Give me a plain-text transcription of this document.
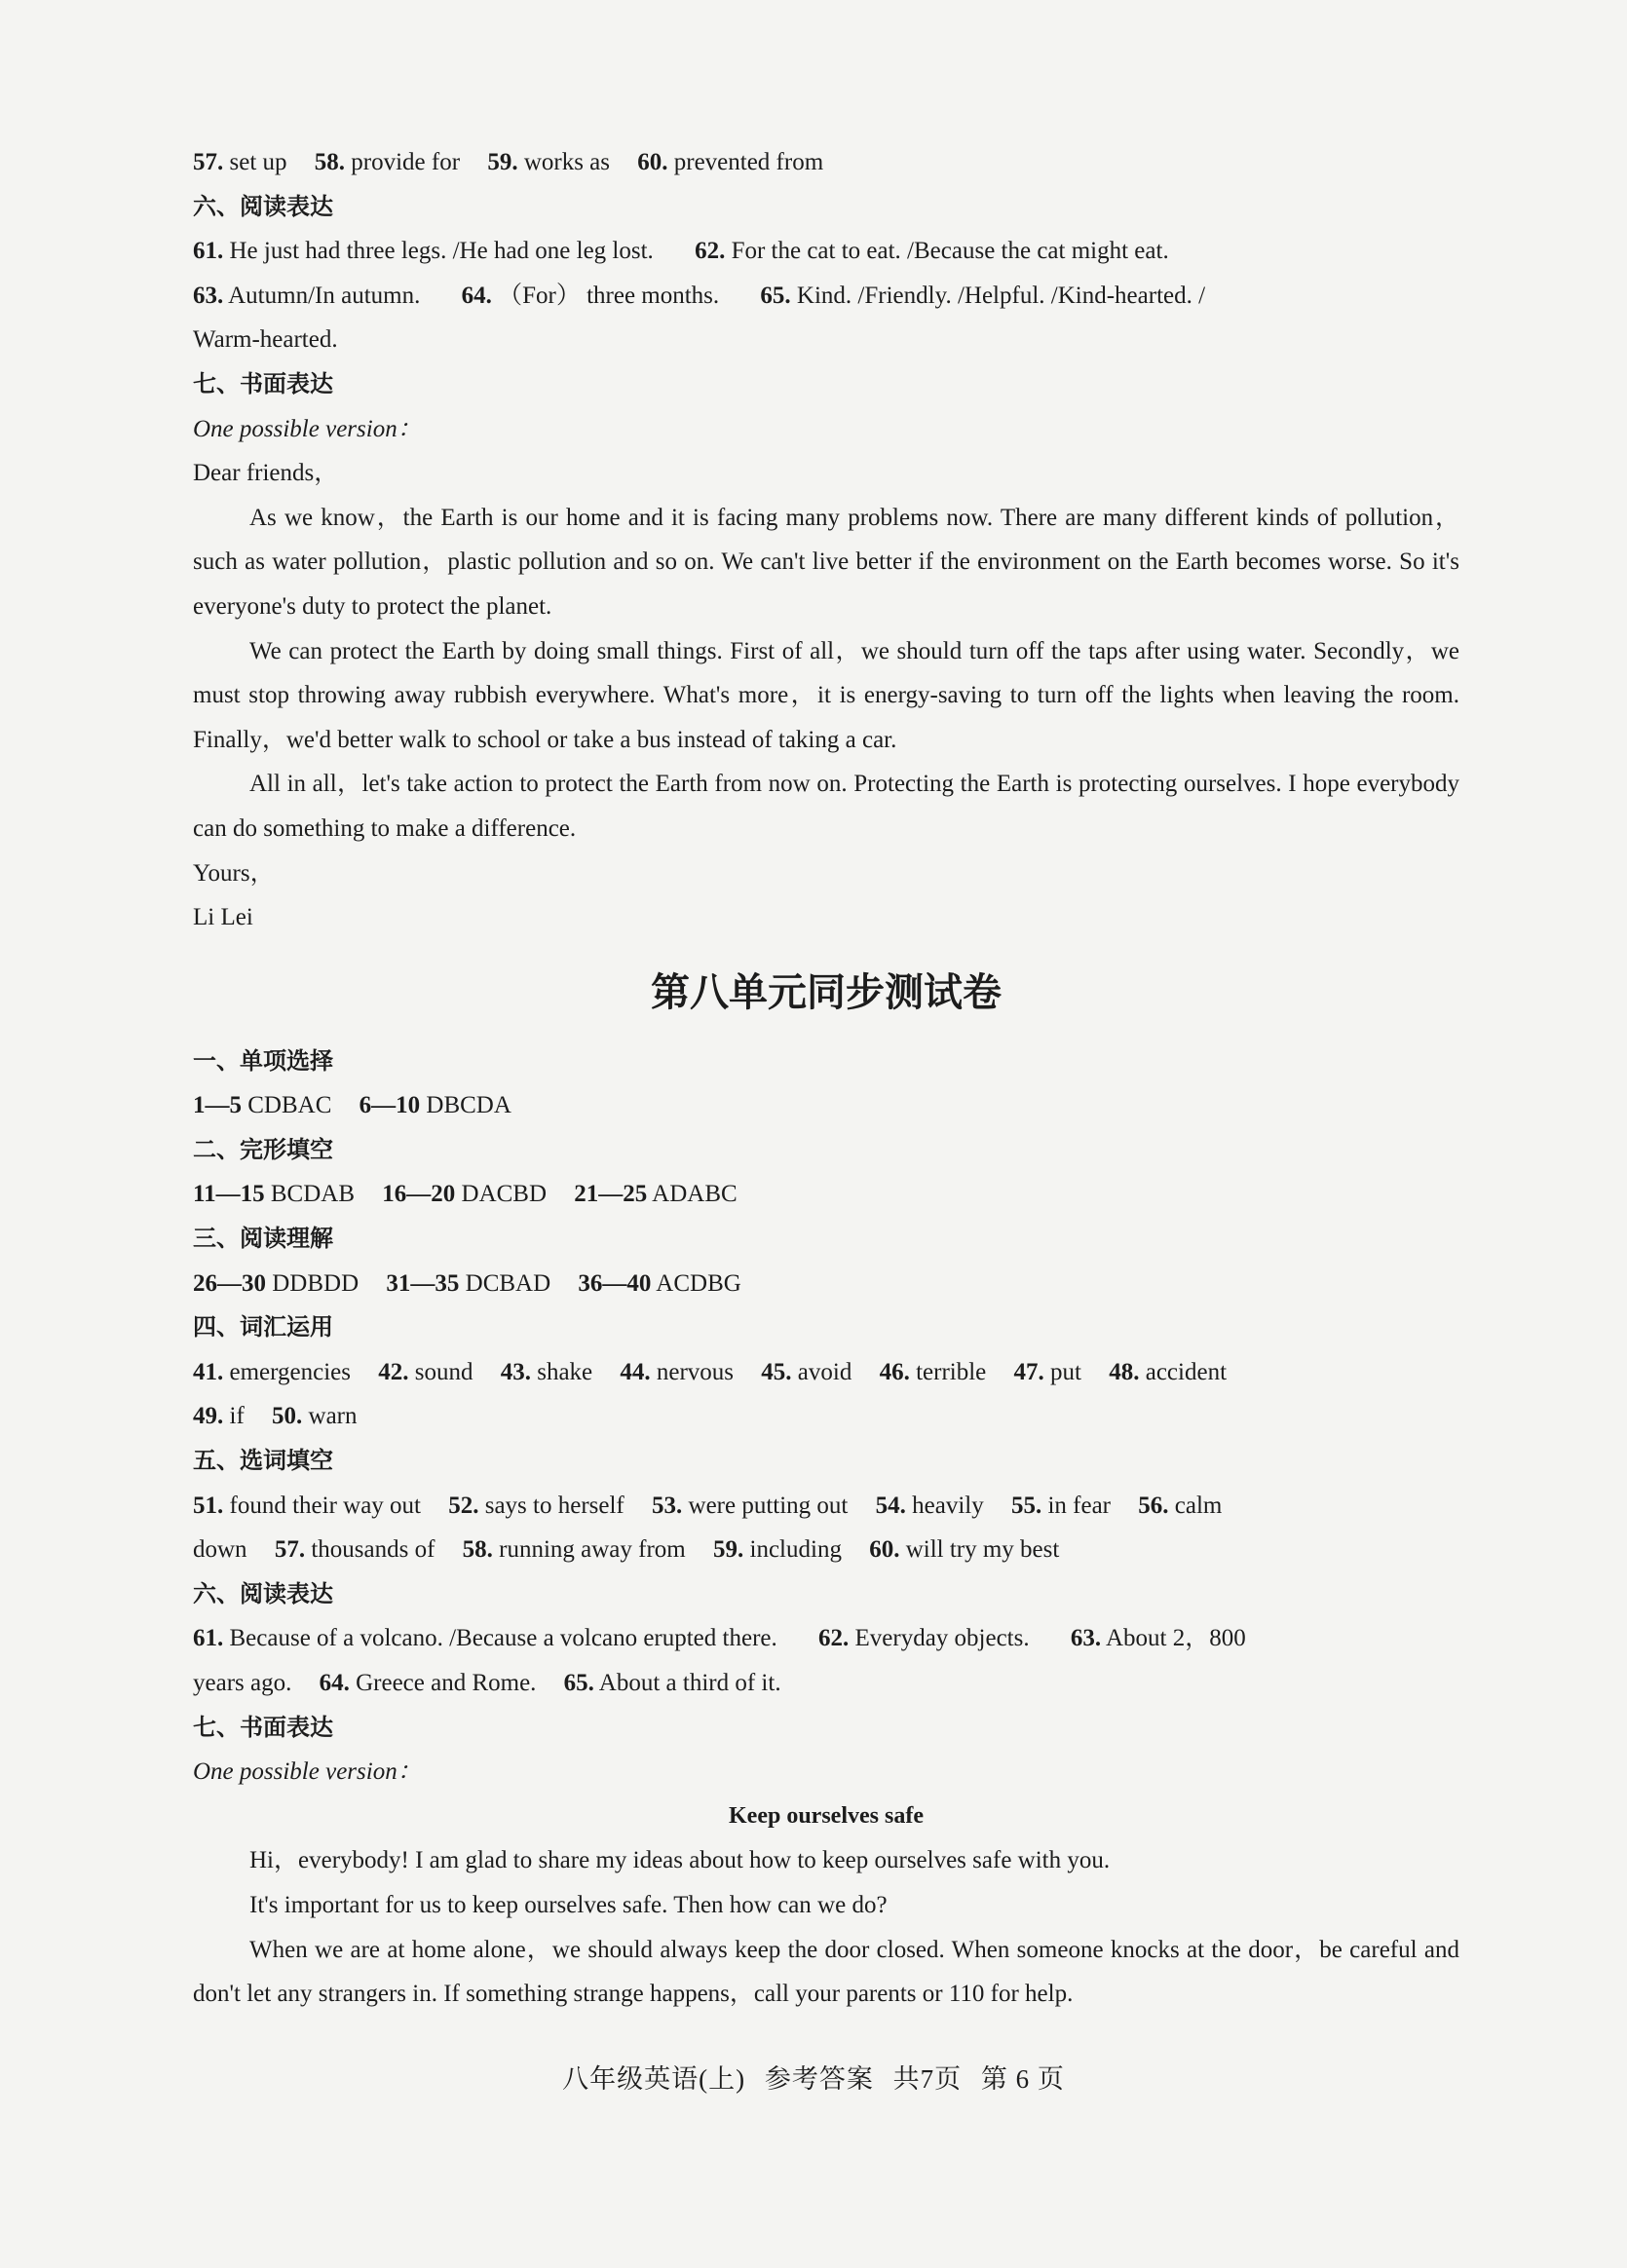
57. set up 58. provide for 59. works as 60. prevented from
六、阅读表达
61. He just had three legs. /He had one leg lost. 62. For the cat to eat. /Because the cat might eat.
63. Autumn/In autumn. 64. （For） three months. 65. Kind. /Friendly. /Helpful. /Kind-hearted. /
Warm-hearted.
七、书面表达
One possible version：
Dear friends，
As we know，the Earth is our home and it is facing many problems now. There are many different kinds of pollution，such as water pollution，plastic pollution and so on. We can't live better if the environment on the Earth becomes worse. So it's everyone's duty to protect the planet.
We can protect the Earth by doing small things. First of all，we should turn off the taps after using water. Secondly，we must stop throwing away rubbish everywhere. What's more，it is energy-saving to turn off the lights when leaving the room. Finally，we'd better walk to school or take a bus instead of taking a car.
All in all，let's take action to protect the Earth from now on. Protecting the Earth is protecting ourselves. I hope everybody can do something to make a difference.
Yours，
Li Lei
第八单元同步测试卷
一、单项选择
1—5 CDBAC 6—10 DBCDA
二、完形填空
11—15 BCDAB 16—20 DACBD 21—25 ADABC
三、阅读理解
26—30 DDBDD 31—35 DCBAD 36—40 ACDBG
四、词汇运用
41. emergencies 42. sound 43. shake 44. nervous 45. avoid 46. terrible 47. put 48. accident
49. if 50. warn
五、选词填空
51. found their way out 52. says to herself 53. were putting out 54. heavily 55. in fear 56. calm
down 57. thousands of 58. running away from 59. including 60. will try my best
六、阅读表达
61. Because of a volcano. /Because a volcano erupted there. 62. Everyday objects. 63. About 2，800
years ago. 64. Greece and Rome. 65. About a third of it.
七、书面表达
One possible version：
Keep ourselves safe
Hi，everybody! I am glad to share my ideas about how to keep ourselves safe with you.
It's important for us to keep ourselves safe. Then how can we do?
When we are at home alone，we should always keep the door closed. When someone knocks at the door，be careful and don't let any strangers in. If something strange happens，call your parents or 110 for help.
八年级英语(上) 参考答案 共7页 第 6 页
